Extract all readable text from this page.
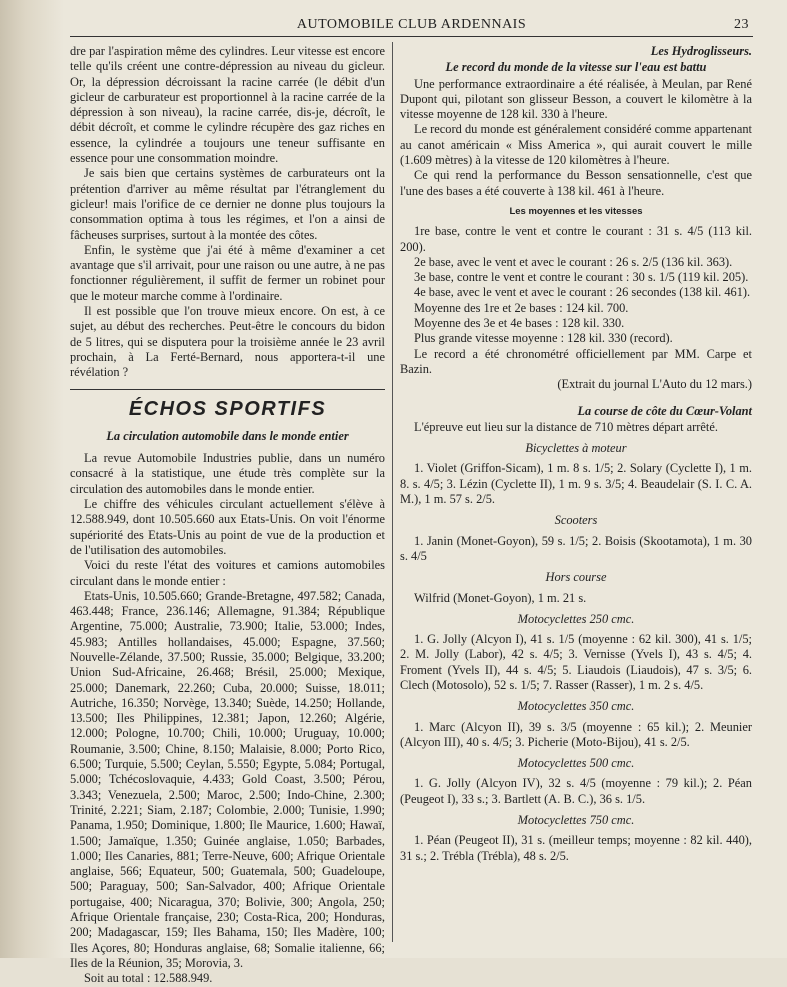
AUTOMOBILE CLUB ARDENNAIS	23

dre par l'aspiration même des cylindres. Leur vitesse est encore telle qu'ils créent une contre-dépression au niveau du gicleur. Or, la dépression décroissant la racine carrée (le débit d'un gicleur de carburateur est proportionnel à la racine carrée de la dépression à son niveau), la racine carrée, dis-je, décroît, le débit décroît, et comme le cylindre récupère des gaz riches en essence, la cylindrée a toujours une teneur suffisante en essence pour une consommation moindre.

Je sais bien que certains systèmes de carburateurs ont la prétention d'arriver au même résultat par l'étranglement du gicleur! mais l'orifice de ce dernier ne donne plus toujours la consommation optima à tous les régimes, et l'on a ainsi de fâcheuses surprises, surtout à la montée des côtes.

Enfin, le système que j'ai été à même d'examiner a cet avantage que s'il arrivait, pour une raison ou une autre, à ne pas fonctionner régulièrement, il suffit de fermer un robinet pour que le moteur marche comme à l'ordinaire.

Il est possible que l'on trouve mieux encore. On est, à ce sujet, au début des recherches. Peut-être le concours du bidon de 5 litres, qui se disputera pour la troisième année le 23 avril prochain, à La Ferté-Bernard, nous apportera-t-il une révélation ?

ÉCHOS SPORTIFS
La circulation automobile dans le monde entier

La revue Automobile Industries publie, dans un numéro consacré à la statistique, une étude très complète sur la circulation des automobiles dans le monde entier.

Le chiffre des véhicules circulant actuellement s'élève à 12.588.949, dont 10.505.660 aux Etats-Unis. On voit l'énorme supériorité des Etats-Unis au point de vue de la production et de l'utilisation des automobiles.

Voici du reste l'état des voitures et camions automobiles circulant dans le monde entier :

Etats-Unis, 10.505.660; Grande-Bretagne, 497.582; Canada, 463.448; France, 236.146; Allemagne, 91.384; République Argentine, 75.000; Australie, 73.900; Italie, 53.000; Indes, 45.983; Antilles hollandaises, 45.000; Espagne, 37.560; Nouvelle-Zélande, 37.500; Russie, 35.000; Belgique, 33.200; Union Sud-Africaine, 26.468; Brésil, 25.000; Mexique, 25.000; Danemark, 22.260; Cuba, 20.000; Suisse, 18.011; Autriche, 16.350; Norvège, 13.340; Suède, 14.250; Hollande, 13.500; Iles Philippines, 12.381; Japon, 12.260; Algérie, 12.000; Pologne, 10.700; Chili, 10.000; Uruguay, 10.000; Roumanie, 3.500; Chine, 8.150; Malaisie, 8.000; Porto Rico, 6.500; Turquie, 5.500; Ceylan, 5.550; Egypte, 5.084; Portugal, 5.000; Tchécoslovaquie, 4.433; Gold Coast, 3.500; Pérou, 3.343; Venezuela, 2.500; Maroc, 2.500; Indo-Chine, 2.300; Trinité, 2.221; Siam, 2.187; Colombie, 2.000; Tunisie, 1.990; Panama, 1.950; Dominique, 1.800; Ile Maurice, 1.600; Hawaï, 1.500; Jamaïque, 1.350; Guinée anglaise, 1.050; Barbades, 1.000; Iles Canaries, 881; Terre-Neuve, 600; Afrique Orientale anglaise, 566; Equateur, 500; Guatemala, 500; Guadeloupe, 500; Paraguay, 500; San-Salvador, 400; Afrique Orientale portugaise, 400; Nicaragua, 370; Bolivie, 300; Angola, 250; Afrique Orientale française, 230; Costa-Rica, 200; Honduras, 200; Madagascar, 159; Iles Bahama, 150; Iles Madère, 100; Iles Açores, 80; Honduras anglaise, 68; Somalie italienne, 66; Iles de la Réunion, 35; Morovia, 3.

Soit au total : 12.588.949.

Les Hydroglisseurs.
Le record du monde de la vitesse sur l'eau est battu

Une performance extraordinaire a été réalisée, à Meulan, par René Dupont qui, pilotant son glisseur Besson, a couvert le kilomètre à la vitesse moyenne de 128 kil. 330 à l'heure.

Le record du monde est généralement considéré comme appartenant au canot américain « Miss America », qui aurait couvert le mille (1.609 mètres) à la vitesse de 120 kilomètres à l'heure.

Ce qui rend la performance du Besson sensationnelle, c'est que l'une des bases a été couverte à 138 kil. 461 à l'heure.

Les moyennes et les vitesses

1re base, contre le vent et contre le courant : 31 s. 4/5 (113 kil. 200).

2e base, avec le vent et avec le courant : 26 s. 2/5 (136 kil. 363).

3e base, contre le vent et contre le courant : 30 s. 1/5 (119 kil. 205).

4e base, avec le vent et avec le courant : 26 secondes (138 kil. 461).

Moyenne des 1re et 2e bases : 124 kil. 700.

Moyenne des 3e et 4e bases : 128 kil. 330.

Plus grande vitesse moyenne : 128 kil. 330 (record).

Le record a été chronométré officiellement par MM. Carpe et Bazin.

(Extrait du journal L'Auto du 12 mars.)
La course de côte du Cœur-Volant

L'épreuve eut lieu sur la distance de 710 mètres départ arrêté.

Bicyclettes à moteur

1. Violet (Griffon-Sicam), 1 m. 8 s. 1/5; 2. Solary (Cyclette I), 1 m. 8. s. 4/5; 3. Lézin (Cyclette II), 1 m. 9 s. 3/5; 4. Beaudelair (S. I. C. A. M.), 1 m. 57 s. 2/5.

Scooters

1. Janin (Monet-Goyon), 59 s. 1/5; 2. Boisis (Skootamota), 1 m. 30 s. 4/5

Hors course

Wilfrid (Monet-Goyon), 1 m. 21 s.

Motocyclettes 250 cmc.

1. G. Jolly (Alcyon I), 41 s. 1/5 (moyenne : 62 kil. 300), 41 s. 1/5; 2. M. Jolly (Labor), 42 s. 4/5; 3. Vernisse (Yvels I), 43 s. 4/5; 4. Froment (Yvels II), 44 s. 4/5; 5. Liaudois (Liaudois), 47 s. 3/5; 6. Clech (Motosolo), 52 s. 1/5; 7. Rasser (Rasser), 1 m. 2 s. 4/5.

Motocyclettes 350 cmc.

1. Marc (Alcyon II), 39 s. 3/5 (moyenne : 65 kil.); 2. Meunier (Alcyon III), 40 s. 4/5; 3. Picherie (Moto-Bijou), 41 s. 2/5.

Motocyclettes 500 cmc.

1. G. Jolly (Alcyon IV), 32 s. 4/5 (moyenne : 79 kil.); 2. Péan (Peugeot I), 33 s.; 3. Bartlett (A. B. C.), 36 s. 1/5.

Motocyclettes 750 cmc.

1. Péan (Peugeot II), 31 s. (meilleur temps; moyenne : 82 kil. 440), 31 s.; 2. Trébla (Trébla), 48 s. 2/5.
